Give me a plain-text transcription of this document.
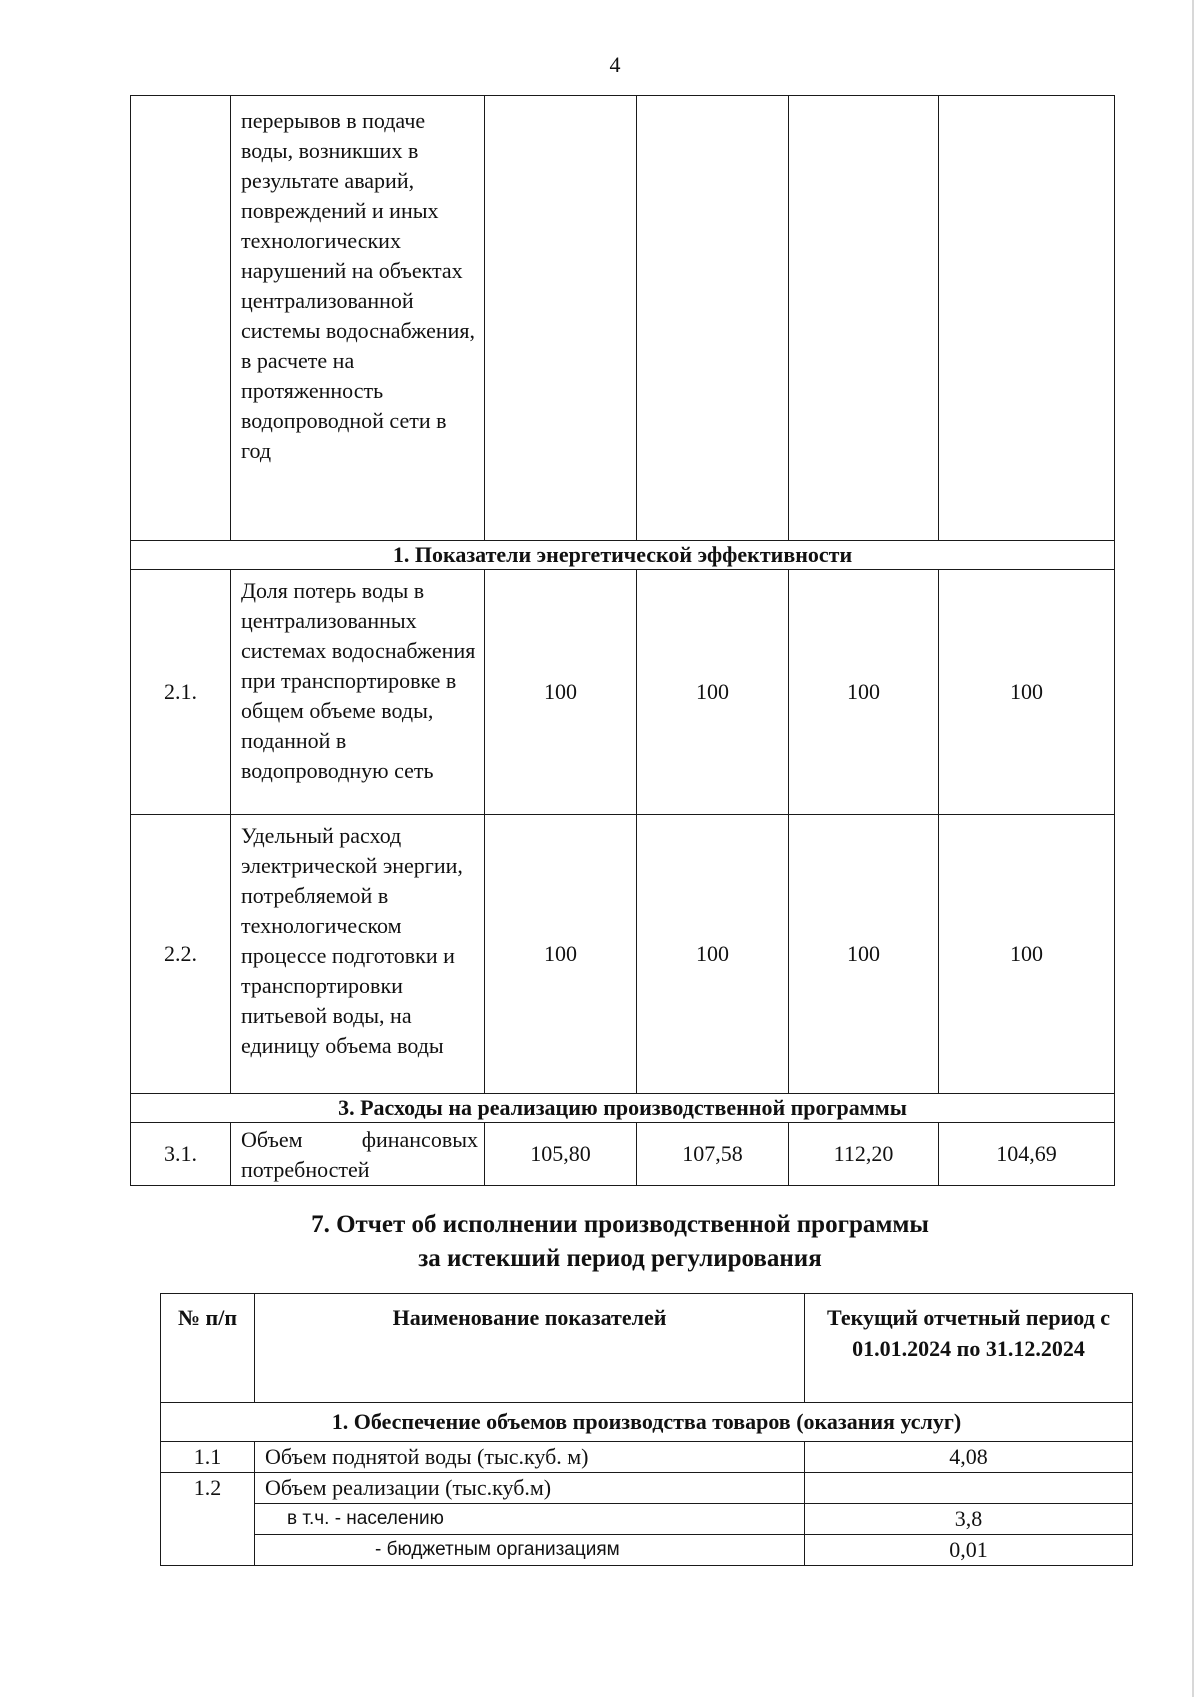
4
	перерывов в подаче воды, возникших в результате аварий, повреждений и иных технологических нарушений на объектах централизованной системы водоснабжения, в расчете на протяженность водопроводной сети в год				
1. Показатели энергетической эффективности					
2.1.	Доля потерь воды в централизованных системах водоснабжения при транспортировке в общем объеме воды, поданной в водопроводную сеть	100	100	100	100
2.2.	Удельный расход электрической энергии, потребляемой в технологическом процессе подготовки и транспортировки питьевой воды, на единицу объема воды	100	100	100	100
3. Расходы на реализацию производственной программы					
3.1.	Объем финансовых потребностей	105,80	107,58	112,20	104,69
7. Отчет об исполнении производственной программы
за истекший период регулирования
№ п/п	Наименование показателей	Текущий отчетный период с 01.01.2024 по 31.12.2024
1. Обеспечение объемов производства товаров (оказания услуг)		
1.1	Объем поднятой воды (тыс.куб. м)	4,08
1.2	Объем реализации (тыс.куб.м)	
	в т.ч. - населению	3,8
	- бюджетным организациям	0,01
